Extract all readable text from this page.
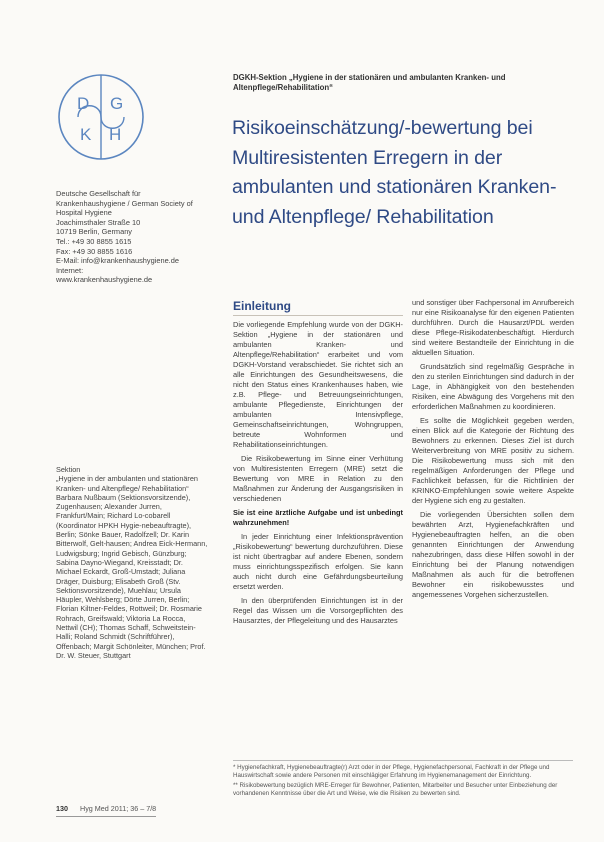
D G
K H
Deutsche Gesellschaft für Krankenhaushygiene / German Society of Hospital Hygiene
Joachimsthaler Straße 10
10719 Berlin, Germany
Tel.: +49 30 8855 1615
Fax: +49 30 8855 1616
E-Mail: info@krankenhaushygiene.de
Internet:
www.krankenhaushygiene.de
Sektion
„Hygiene in der ambulanten und stationären Kranken- und Altenpflege/ Rehabilitation“
Barbara Nußbaum (Sektionsvorsitzende), Zugenhausen; Alexander Jurren, Frankfurt/Main; Richard Lo-cobarell (Koordinator HPKH Hygie-nebeauftragte), Berlin; Sönke Bauer, Radolfzell; Dr. Karin Bitterwolf, Gelt-hausen; Andrea Eick-Hermann, Ludwigsburg; Ingrid Gebisch, Günzburg; Sabina Dayno-Wiegand, Kreisstadt; Dr. Michael Eckardt, Groß-Umstadt; Juliana Dräger, Duisburg; Elisabeth Groß (Stv. Sektionsvorsitzende), Muehlau; Ursula Häupler, Wehlsberg; Dörte Jurren, Berlin; Florian Kiltner-Feldes, Rottweil; Dr. Rosmarie Rohrach, Greifswald; Viktoria La Rocca, Nettwil (CH); Thomas Schaff, Schweitstein-Halli; Roland Schmidt (Schriftführer), Offenbach; Margit Schönleiter, München; Prof. Dr. W. Steuer, Stuttgart
DGKH-Sektion „Hygiene in der stationären und ambulanten Kranken- und Altenpflege/Rehabilitation“
Risikoeinschätzung/-bewertung bei Multiresistenten Erregern in der ambulanten und stationären Kranken- und Altenpflege/ Rehabilitation
Einleitung

Die vorliegende Empfehlung wurde von der DGKH-Sektion „Hygiene in der stationären und ambulanten Kranken- und Altenpflege/Rehabilitation“ erarbeitet und vom DGKH-Vorstand verabschiedet. Sie richtet sich an alle Einrichtungen des Gesundheitswesens, die nicht den Status eines Krankenhauses haben, wie z.B. Pflege- und Betreuungseinrichtungen, ambulante Pflegedienste, Einrichtungen der ambulanten Intensivpflege, Gemeinschaftseinrichtungen, Wohngruppen, betreute Wohnformen und Rehabilitationseinrichtungen.

Die Risikobewertung im Sinne einer Verhütung von Multiresistenten Erregern (MRE) setzt die Bewertung von MRE in Relation zu den Maßnahmen zur Änderung der Ausgangsrisiken in verschiedenen

Sie ist eine ärztliche Aufgabe und ist unbedingt wahrzunehmen!

In jeder Einrichtung einer Infektionsprävention „Risikobewertung“ bewertung durchzuführen. Diese ist nicht übertragbar auf andere Ebenen, sondern muss einrichtungsspezifisch erfolgen. Sie kann auch nicht durch eine Gefährdungsbeurteilung ersetzt werden.

In den überprüfenden Einrichtungen ist in der Regel das Wissen um die Vorsorgepflichten des Hausarztes, der Pflegeleitung und des Hausarztes

und sonstiger über Fachpersonal im Anrufbereich nur eine Risikoanalyse für den eigenen Patienten durchführen. Durch die Hausarzt/PDL werden diese Pflege-Risikodatenbeschäftigt. Hierdurch sind weitere Bestandteile der Einrichtung in die aktuellen Situation.

Grundsätzlich sind regelmäßig Gespräche in den zu sterilen Einrichtungen sind dadurch in der Lage, in Abhängigkeit von den bestehenden Risiken, eine Abwägung des Vorgehens mit den erforderlichen Maßnahmen zu koordinieren.

Es sollte die Möglichkeit gegeben werden, einen Blick auf die Kategorie der Richtung des Bewohners zu erkennen. Dieses Ziel ist durch Weiterverbreitung von MRE positiv zu sichern. Die Risikobewertung muss sich mit den regelmäßigen Anforderungen der Pflege und Fachlichkeit befassen, für die Richtlinien der KRINKO-Empfehlungen sowie weitere Aspekte der Hygiene sich eng zu gestalten.

Die vorliegenden Übersichten sollen dem bewährten Arzt, Hygienefachkräften und Hygienebeauftragten helfen, an die oben genannten Einrichtungen der Anwendung nahezubringen, dass diese Hilfen sowohl in der Einrichtung bei der Planung notwendigen Maßnahmen als auch für die betroffenen Bewohner ein risikobewusstes und angemessenes Vorgehen sicherzustellen.

* Hygienefachkraft, Hygienebeauftragte(r) Arzt oder in der Pflege, Hygienefachpersonal, Fachkraft in der Pflege und Hauswirtschaft sowie andere Personen mit einschlägiger Erfahrung im Hygienemanagement der Einrichtung.

** Risikobewertung bezüglich MRE-Erreger für Bewohner, Patienten, Mitarbeiter und Besucher unter Einbeziehung der vorhandenen Kenntnisse über die Art und Weise, wie die Risiken zu bewerten sind.

130 Hyg Med 2011; 36 – 7/8
